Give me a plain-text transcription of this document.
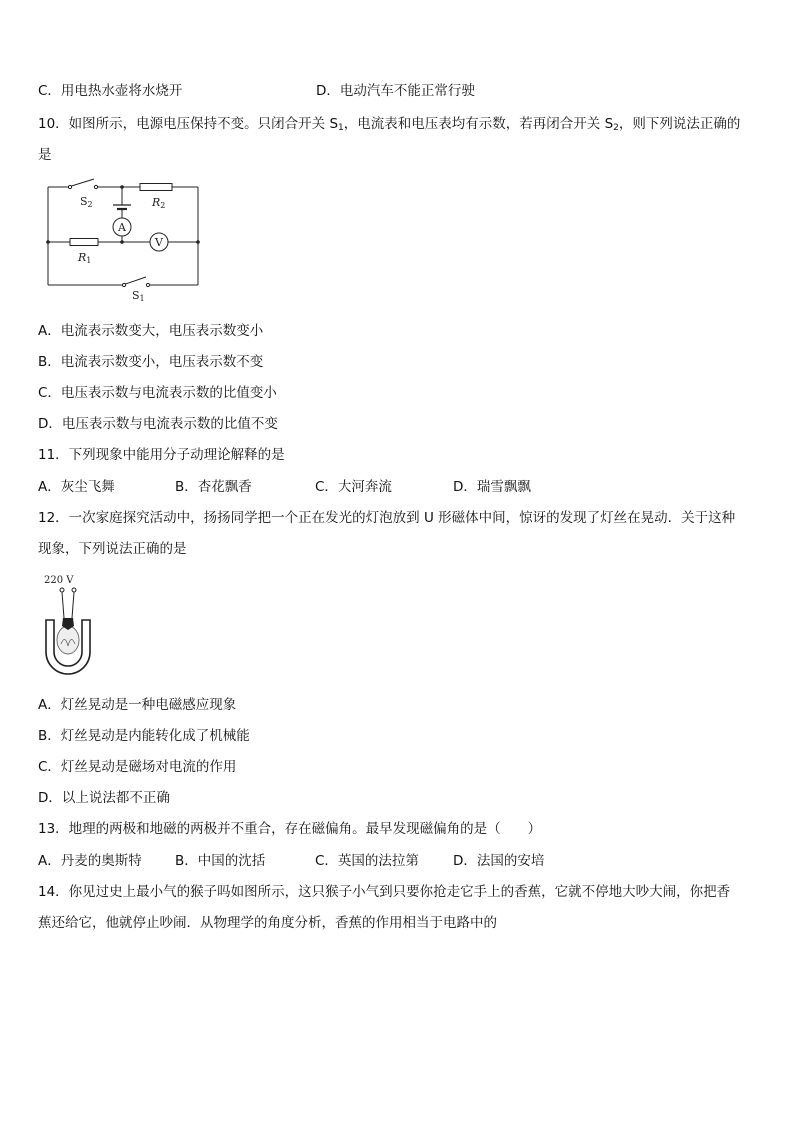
C．用电热水壶将水烧开	D．电动汽车不能正常行驶
10．如图所示，电源电压保持不变。只闭合开关 $S_1$，电流表和电压表均有示数，若再闭合开关 $S_2$，则下列说法正确的
是
A
V
S2	R2
R1
S1
A．电流表示数变大，电压表示数变小
B．电流表示数变小，电压表示数不变
C．电压表示数与电流表示数的比值变小
D．电压表示数与电流表示数的比值不变
11．下列现象中能用分子动理论解释的是
A．灰尘飞舞	B．杏花飘香	C．大河奔流	D．瑞雪飘飘
12．一次家庭探究活动中，扬扬同学把一个正在发光的灯泡放到 U 形磁体中间，惊讶的发现了灯丝在晃动．关于这种
现象，下列说法正确的是
220 V
A．灯丝晃动是一种电磁感应现象
B．灯丝晃动是内能转化成了机械能
C．灯丝晃动是磁场对电流的作用
D．以上说法都不正确
13．地理的两极和地磁的两极并不重合，存在磁偏角。最早发现磁偏角的是（　　）
A．丹麦的奥斯特 B．中国的沈括	C．英国的法拉第	D．法国的安培
14．你见过史上最小气的猴子吗如图所示，这只猴子小气到只要你抢走它手上的香蕉，它就不停地大吵大闹，你把香
蕉还给它，他就停止吵闹．从物理学的角度分析，香蕉的作用相当于电路中的
